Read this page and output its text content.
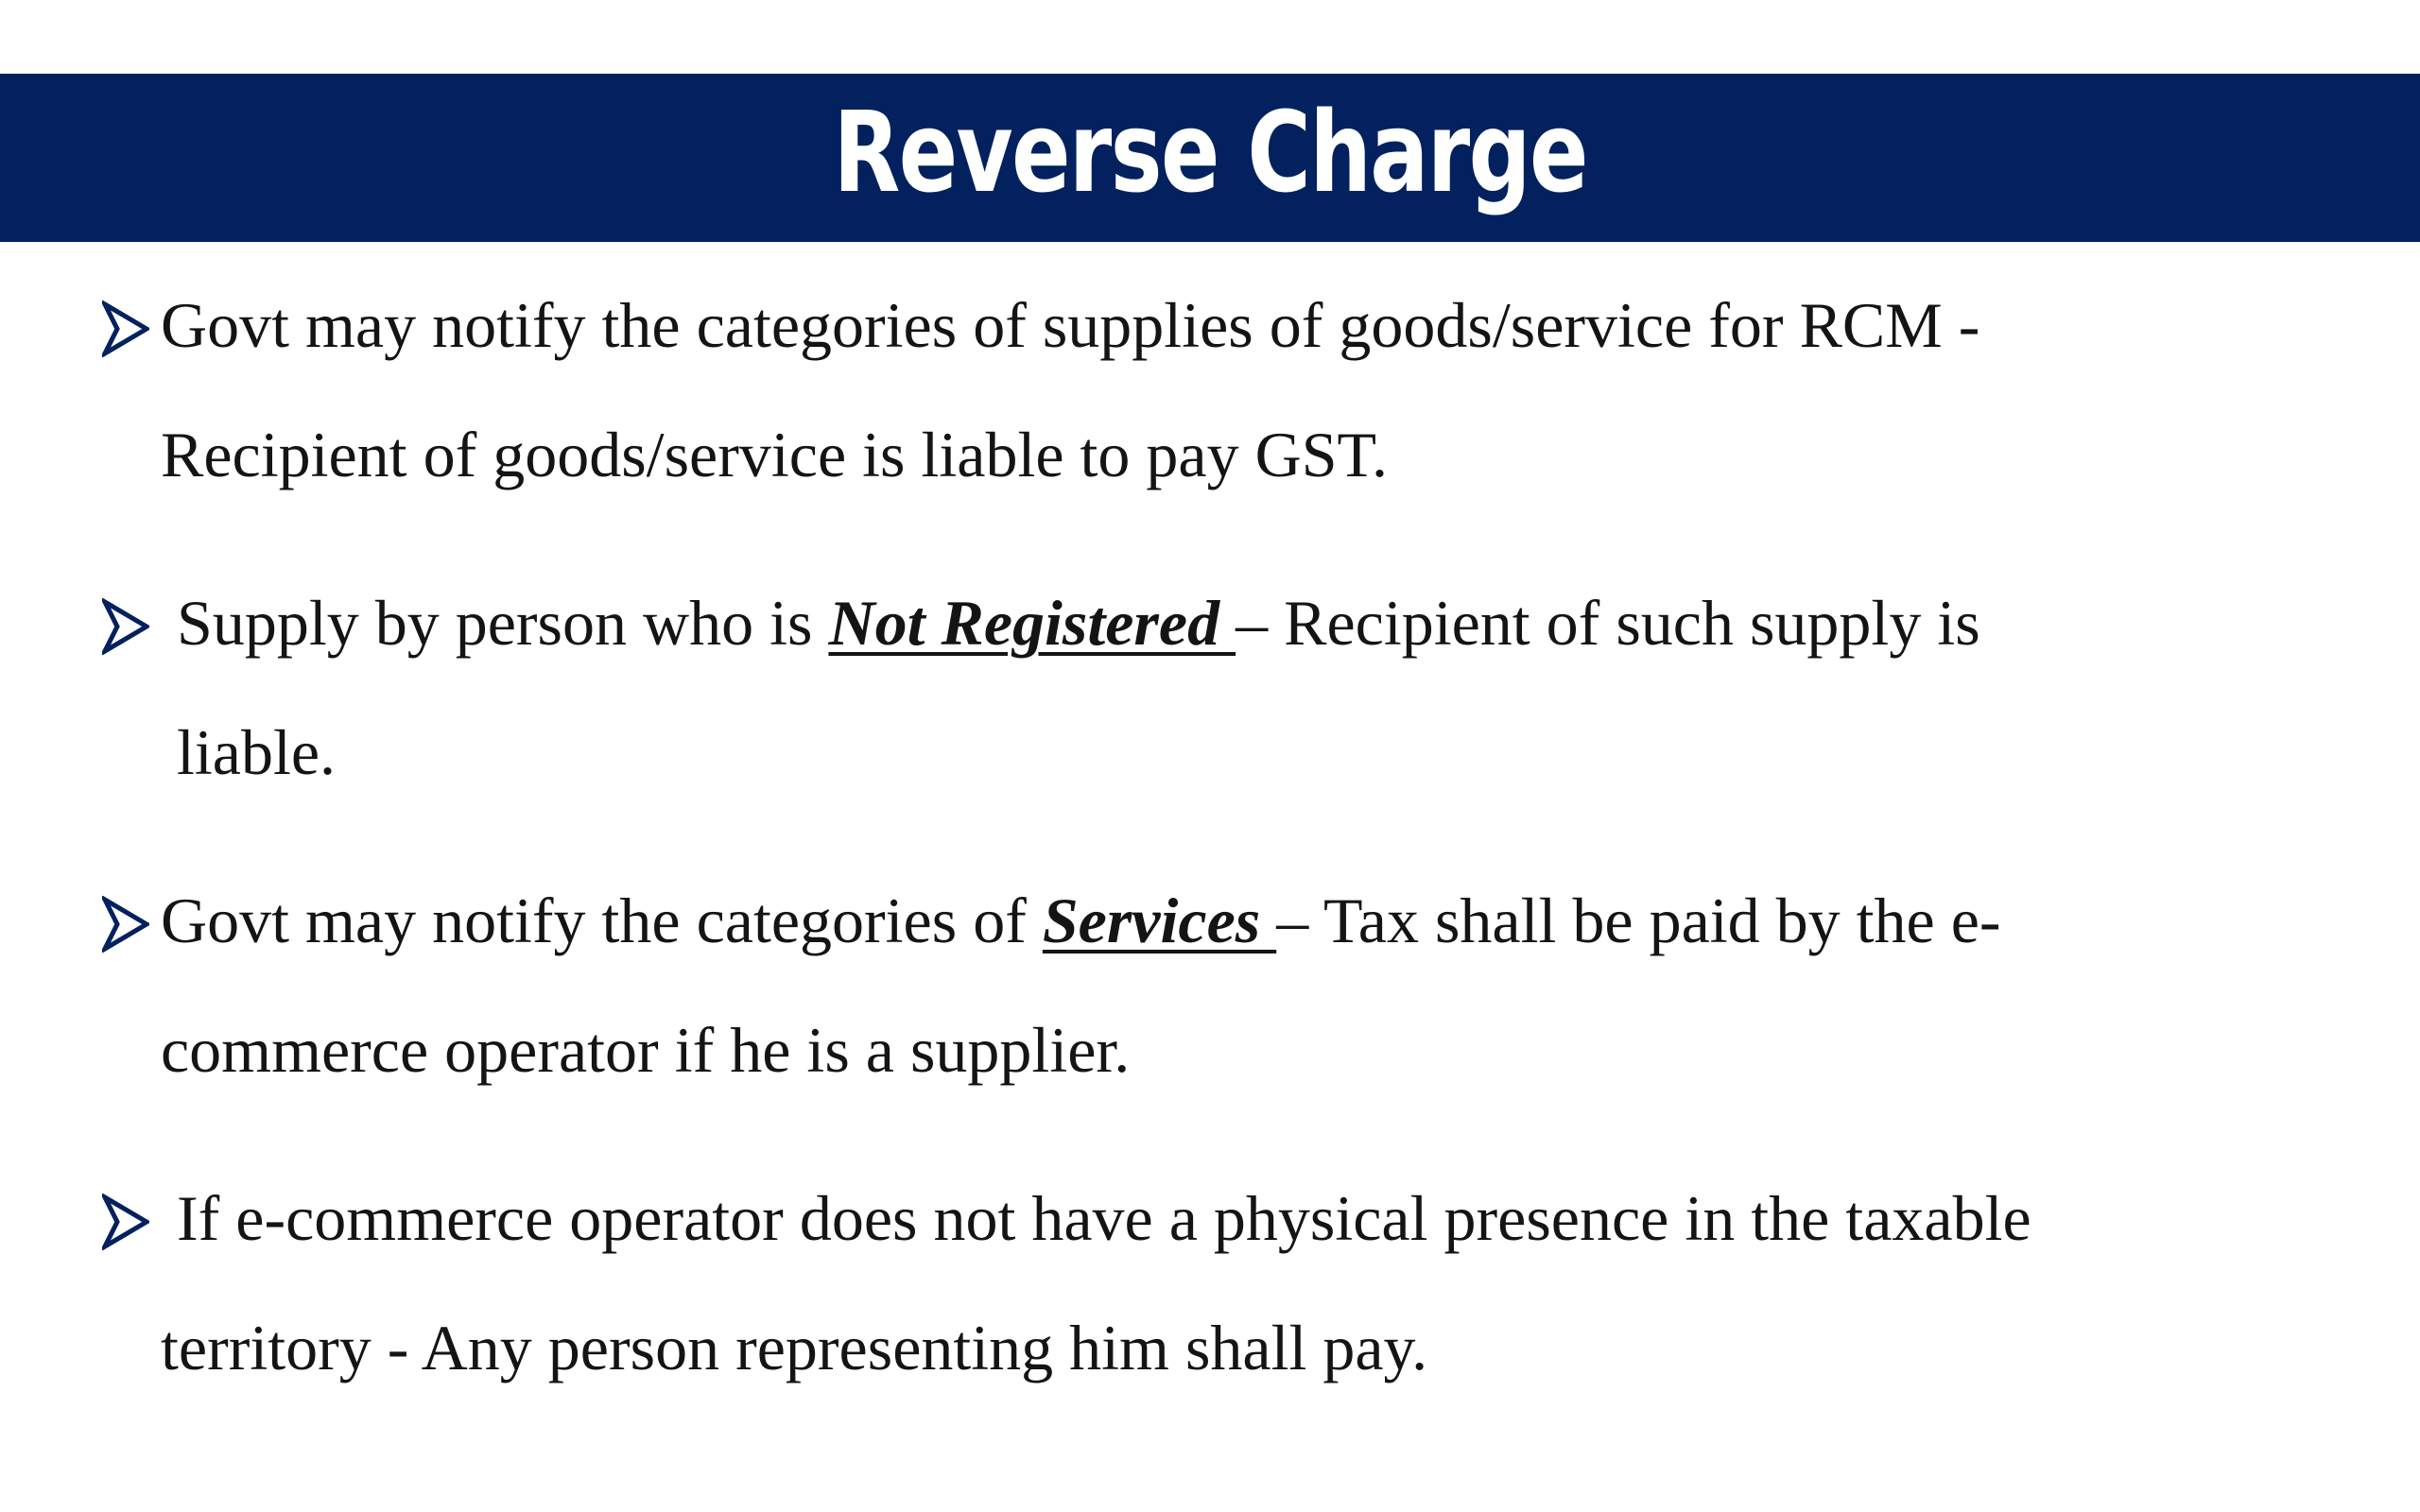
Reverse Charge
Govt may notify the categories of supplies of goods/service for RCM -
Recipient of goods/service is liable to pay GST.
Supply by person who is Not Registered – Recipient of such supply is
liable.
Govt may notify the categories of Services – Tax shall be paid by the e-
commerce operator if he is a supplier.
If e-commerce operator does not have a physical presence in the taxable
territory - Any person representing him shall pay.
